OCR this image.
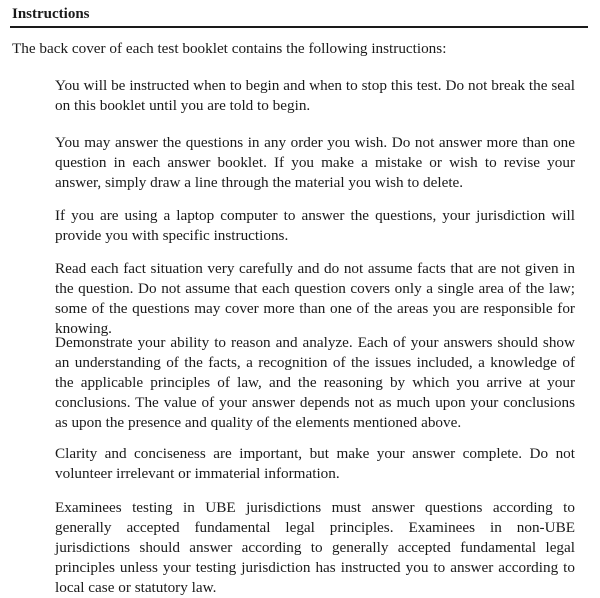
Instructions

The back cover of each test booklet contains the following instructions:

You will be instructed when to begin and when to stop this test. Do not break the seal on this booklet until you are told to begin.

You may answer the questions in any order you wish. Do not answer more than one question in each answer booklet. If you make a mistake or wish to revise your answer, simply draw a line through the material you wish to delete.

If you are using a laptop computer to answer the questions, your jurisdiction will provide you with specific instructions.

Read each fact situation very carefully and do not assume facts that are not given in the question. Do not assume that each question covers only a single area of the law; some of the questions may cover more than one of the areas you are responsible for knowing.

Demonstrate your ability to reason and analyze. Each of your answers should show an understanding of the facts, a recognition of the issues included, a knowledge of the applicable principles of law, and the reasoning by which you arrive at your conclusions. The value of your answer depends not as much upon your conclusions as upon the presence and quality of the elements mentioned above.

Clarity and conciseness are important, but make your answer complete. Do not volunteer irrelevant or immaterial information.

Examinees testing in UBE jurisdictions must answer questions according to generally accepted fundamental legal principles. Examinees in non-UBE jurisdictions should answer according to generally accepted fundamental legal principles unless your testing jurisdiction has instructed you to answer according to local case or statutory law.
